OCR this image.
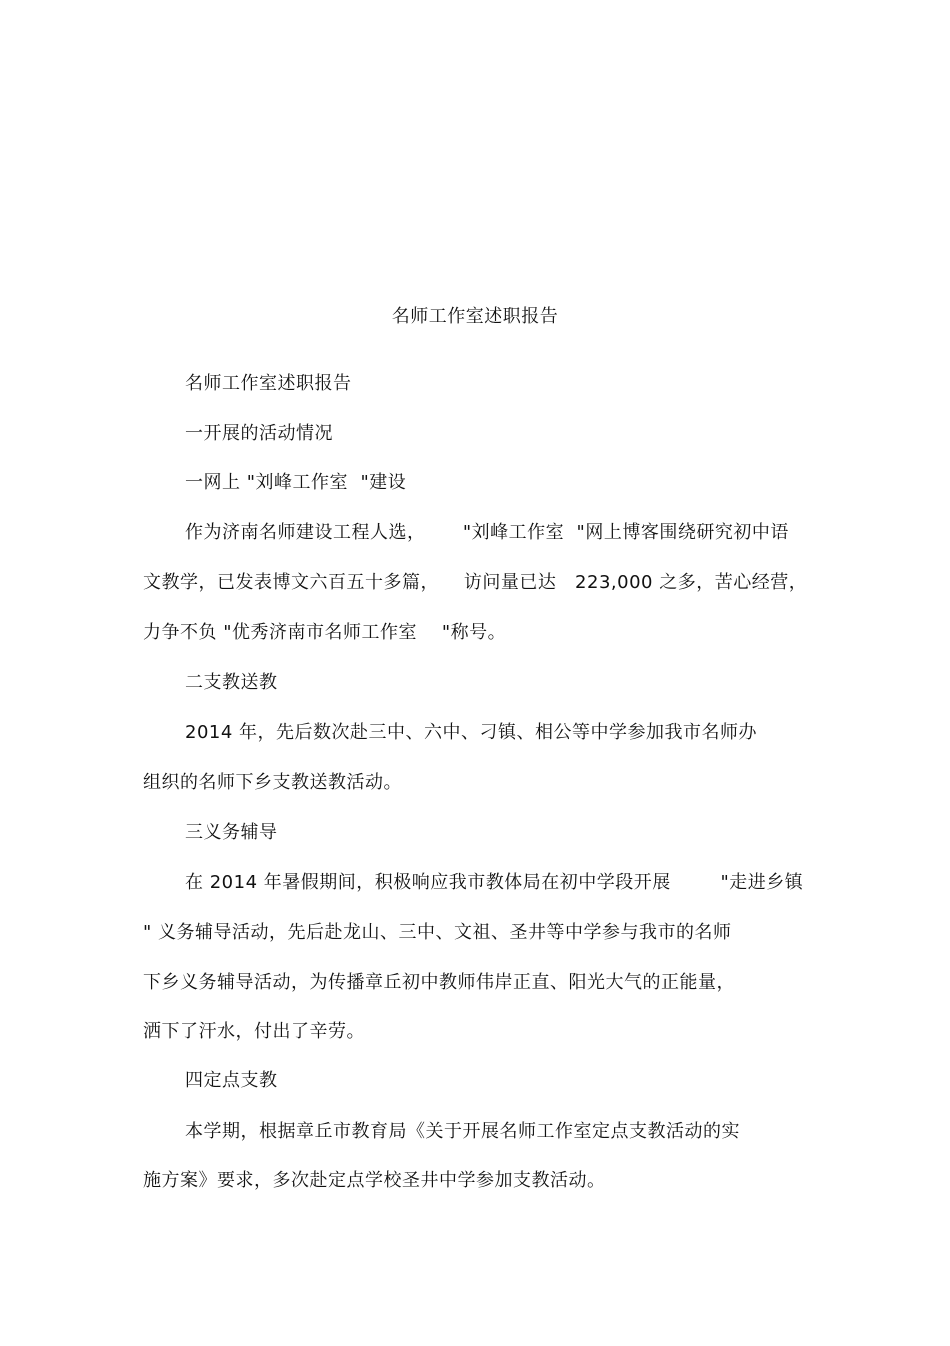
名师工作室述职报告
名师工作室述职报告
一开展的活动情况
一网上 "刘峰工作室  "建设
作为济南名师建设工程人选，      "刘峰工作室  "网上博客围绕研究初中语
文教学，已发表博文六百五十多篇，    访问量已达   223,000 之多，苦心经营，
力争不负 "优秀济南市名师工作室    "称号。
二支教送教
2014 年，先后数次赴三中、六中、刁镇、相公等中学参加我市名师办
组织的名师下乡支教送教活动。
三义务辅导
在 2014 年暑假期间，积极响应我市教体局在初中学段开展        "走进乡镇
" 义务辅导活动，先后赴龙山、三中、文祖、圣井等中学参与我市的名师
下乡义务辅导活动，为传播章丘初中教师伟岸正直、阳光大气的正能量，
洒下了汗水，付出了辛劳。
四定点支教
本学期，根据章丘市教育局《关于开展名师工作室定点支教活动的实
施方案》要求，多次赴定点学校圣井中学参加支教活动。
